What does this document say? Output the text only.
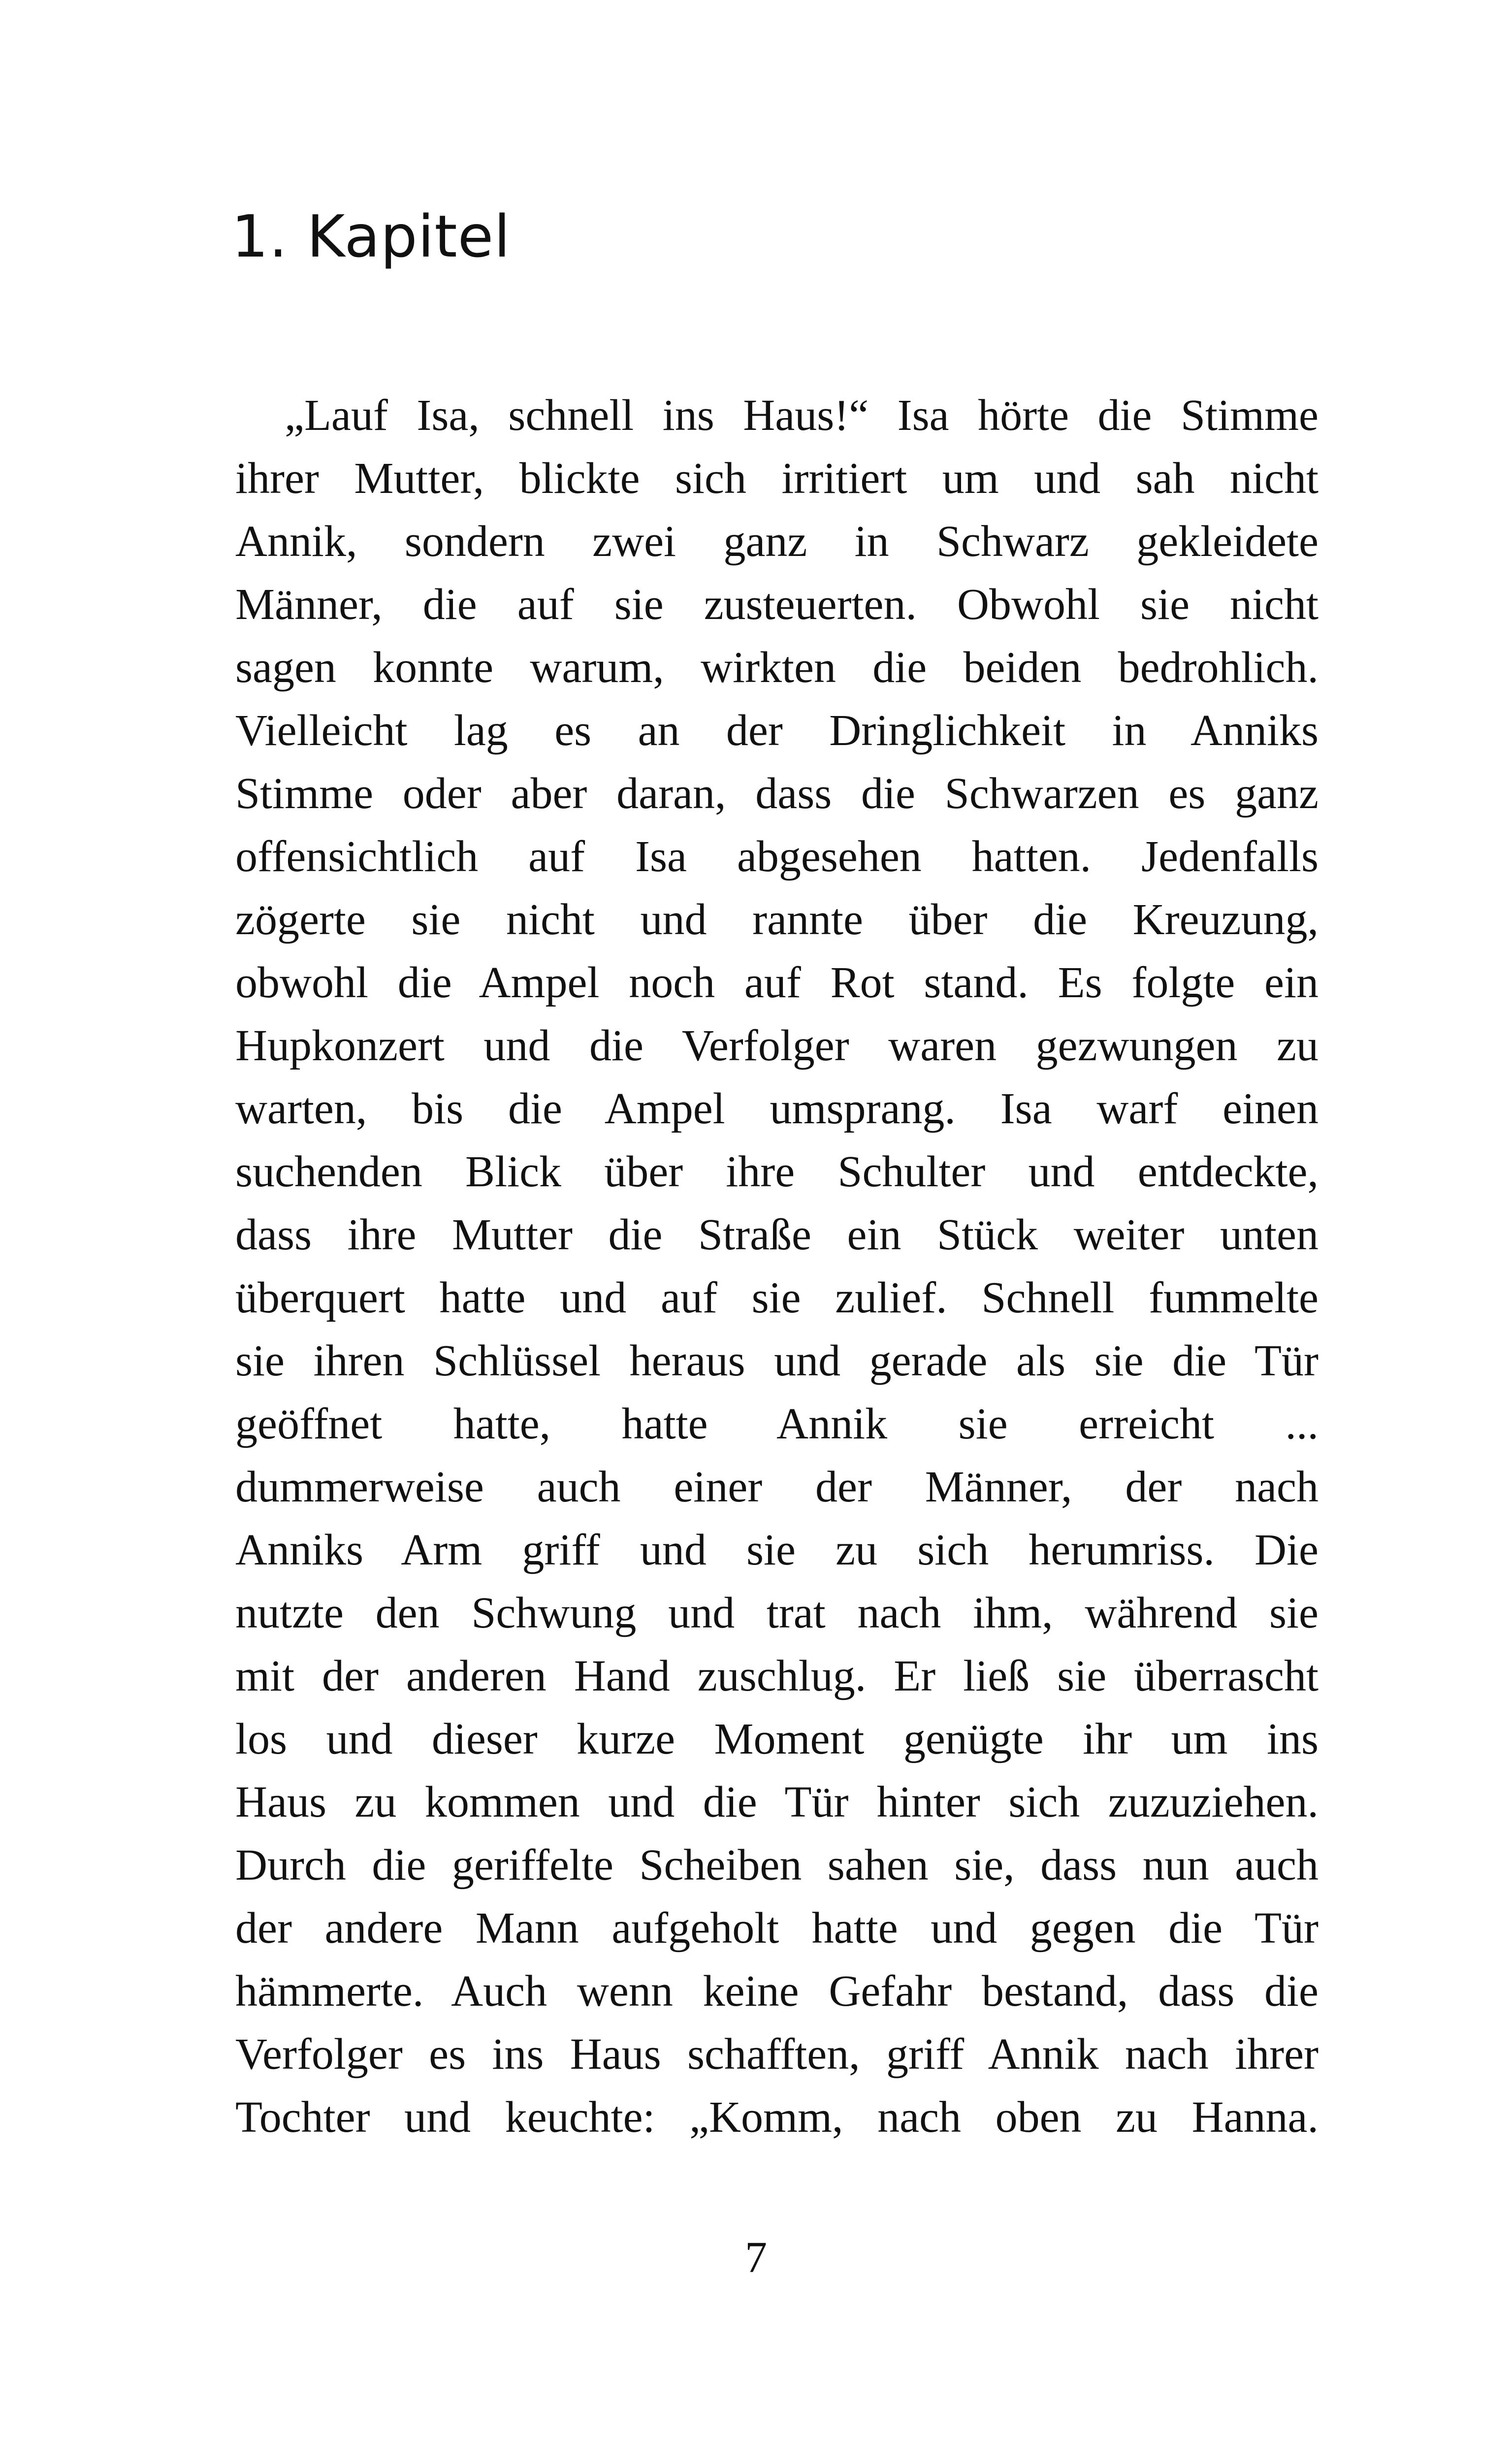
1. Kapitel
„Lauf Isa, schnell ins Haus!“ Isa hörte die Stimme
ihrer Mutter, blickte sich irritiert um und sah nicht
Annik, sondern zwei ganz in Schwarz gekleidete
Männer, die auf sie zusteuerten. Obwohl sie nicht
sagen konnte warum, wirkten die beiden bedrohlich.
Vielleicht lag es an der Dringlichkeit in Anniks
Stimme oder aber daran, dass die Schwarzen es ganz
offensichtlich auf Isa abgesehen hatten. Jedenfalls
zögerte sie nicht und rannte über die Kreuzung,
obwohl die Ampel noch auf Rot stand. Es folgte ein
Hupkonzert und die Verfolger waren gezwungen zu
warten, bis die Ampel umsprang. Isa warf einen
suchenden Blick über ihre Schulter und entdeckte,
dass ihre Mutter die Straße ein Stück weiter unten
überquert hatte und auf sie zulief. Schnell fummelte
sie ihren Schlüssel heraus und gerade als sie die Tür
geöffnet hatte, hatte Annik sie erreicht ...
dummerweise auch einer der Männer, der nach
Anniks Arm griff und sie zu sich herumriss. Die
nutzte den Schwung und trat nach ihm, während sie
mit der anderen Hand zuschlug. Er ließ sie überrascht
los und dieser kurze Moment genügte ihr um ins
Haus zu kommen und die Tür hinter sich zuzuziehen.
Durch die geriffelte Scheiben sahen sie, dass nun auch
der andere Mann aufgeholt hatte und gegen die Tür
hämmerte. Auch wenn keine Gefahr bestand, dass die
Verfolger es ins Haus schafften, griff Annik nach ihrer
Tochter und keuchte: „Komm, nach oben zu Hanna.
7
